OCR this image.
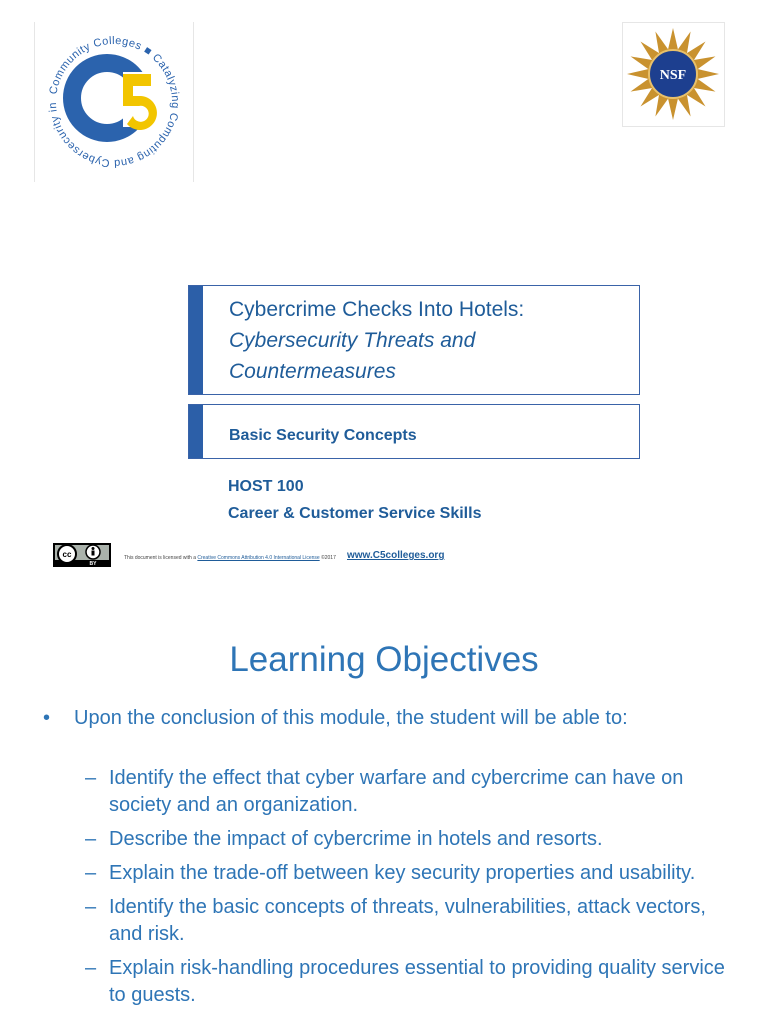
Community Colleges ■ Catalyzing Computing and Cybersecurity in
NSF
Cybercrime Checks Into Hotels:
Cybersecurity Threats and
Countermeasures
Basic Security Concepts
HOST 100
Career & Customer Service Skills
cc
BY
This document is licensed with a Creative Commons Attribution 4.0 International License ©2017 www.C5colleges.org
Learning Objectives
• Upon the conclusion of this module, the student will be able to:
– Identify the effect that cyber warfare and cybercrime can have on society and an organization.
– Describe the impact of cybercrime in hotels and resorts.
– Explain the trade-off between key security properties and usability.
– Identify the basic concepts of threats, vulnerabilities, attack vectors, and risk.
– Explain risk-handling procedures essential to providing quality service to guests.
